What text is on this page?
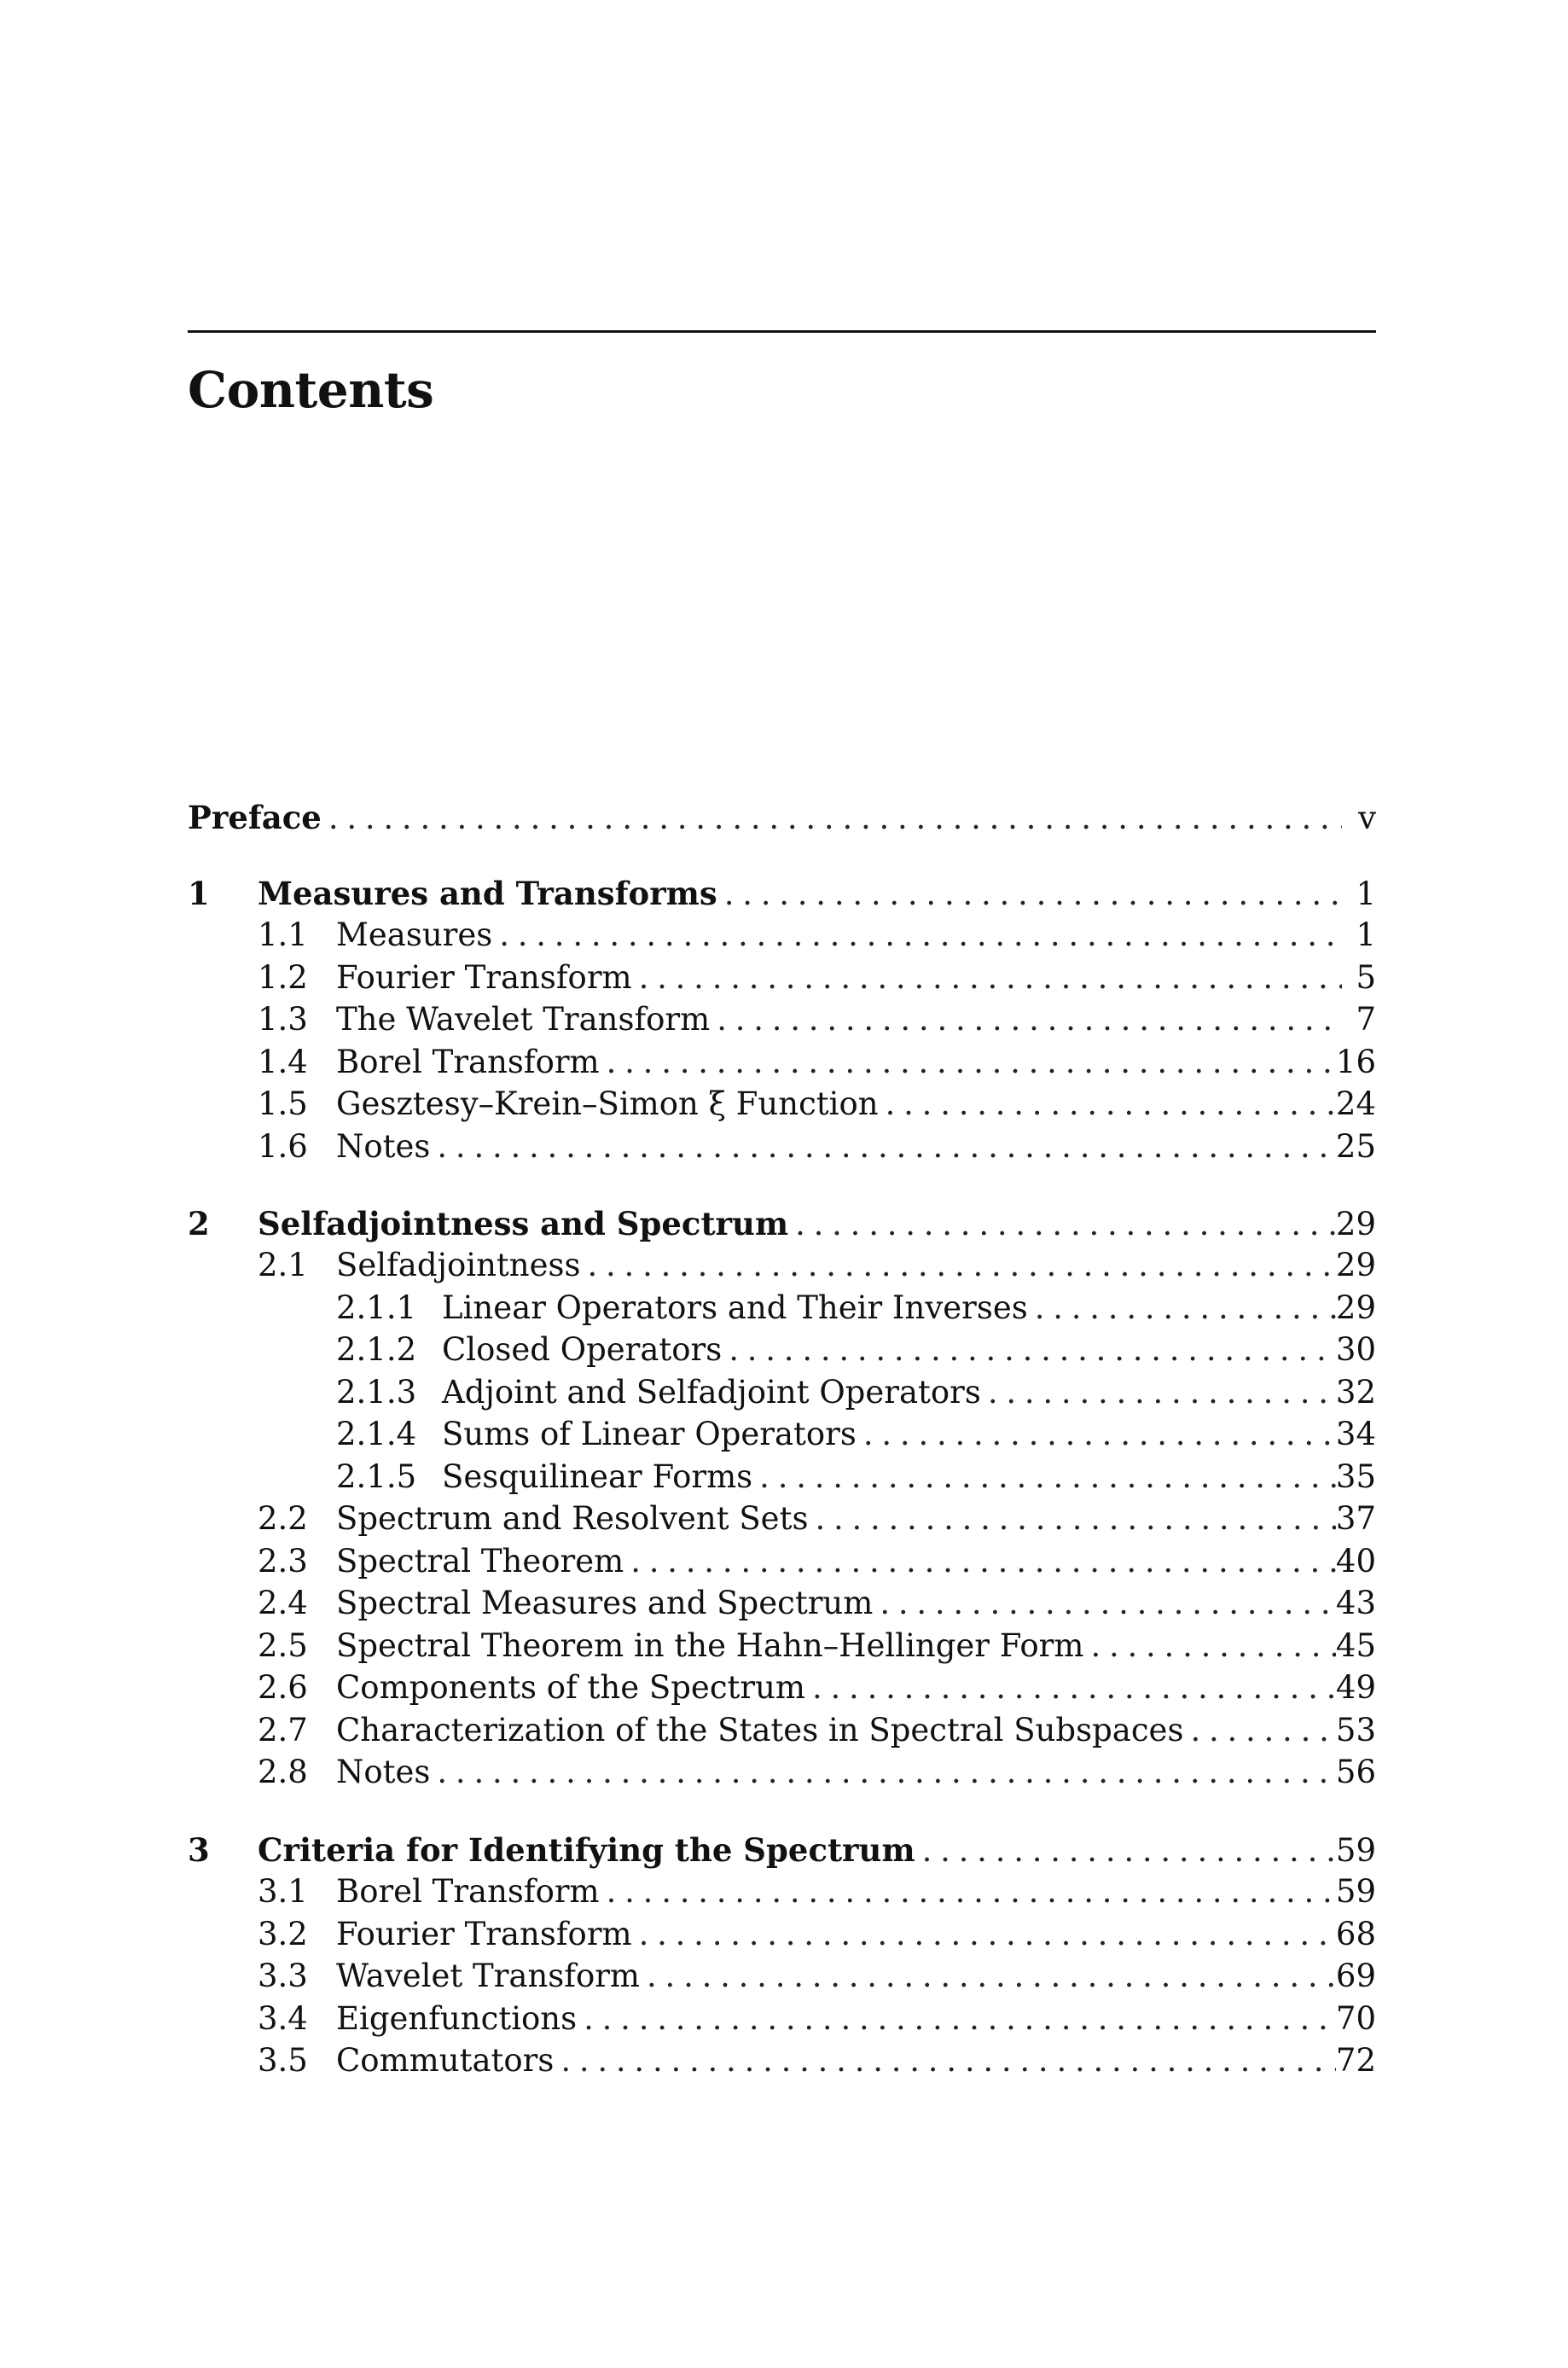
Contents
Preface . . .	v
1	Measures and Transforms . . .	1
1.1 Measures . . .	1
1.2 Fourier Transform . . .	5
1.3 The Wavelet Transform . . .	7
1.4 Borel Transform . . .	16
1.5 Gesztesy–Krein–Simon ξ Function . . .	24
1.6 Notes . . .	25
2	Selfadjointness and Spectrum . . .	29
2.1 Selfadjointness . . .	29
2.1.1 Linear Operators and Their Inverses . . .	29
2.1.2 Closed Operators . . .	30
2.1.3 Adjoint and Selfadjoint Operators . . .	32
2.1.4 Sums of Linear Operators . . .	34
2.1.5 Sesquilinear Forms . . .	35
2.2 Spectrum and Resolvent Sets . . .	37
2.3 Spectral Theorem . . .	40
2.4 Spectral Measures and Spectrum . . .	43
2.5 Spectral Theorem in the Hahn–Hellinger Form . . .	45
2.6 Components of the Spectrum . . .	49
2.7 Characterization of the States in Spectral Subspaces . . .	53
2.8 Notes . . .	56
3	Criteria for Identifying the Spectrum . . .	59
3.1 Borel Transform . . .	59
3.2 Fourier Transform . . .	68
3.3 Wavelet Transform . . .	69
3.4 Eigenfunctions . . .	70
3.5 Commutators . . .	72
